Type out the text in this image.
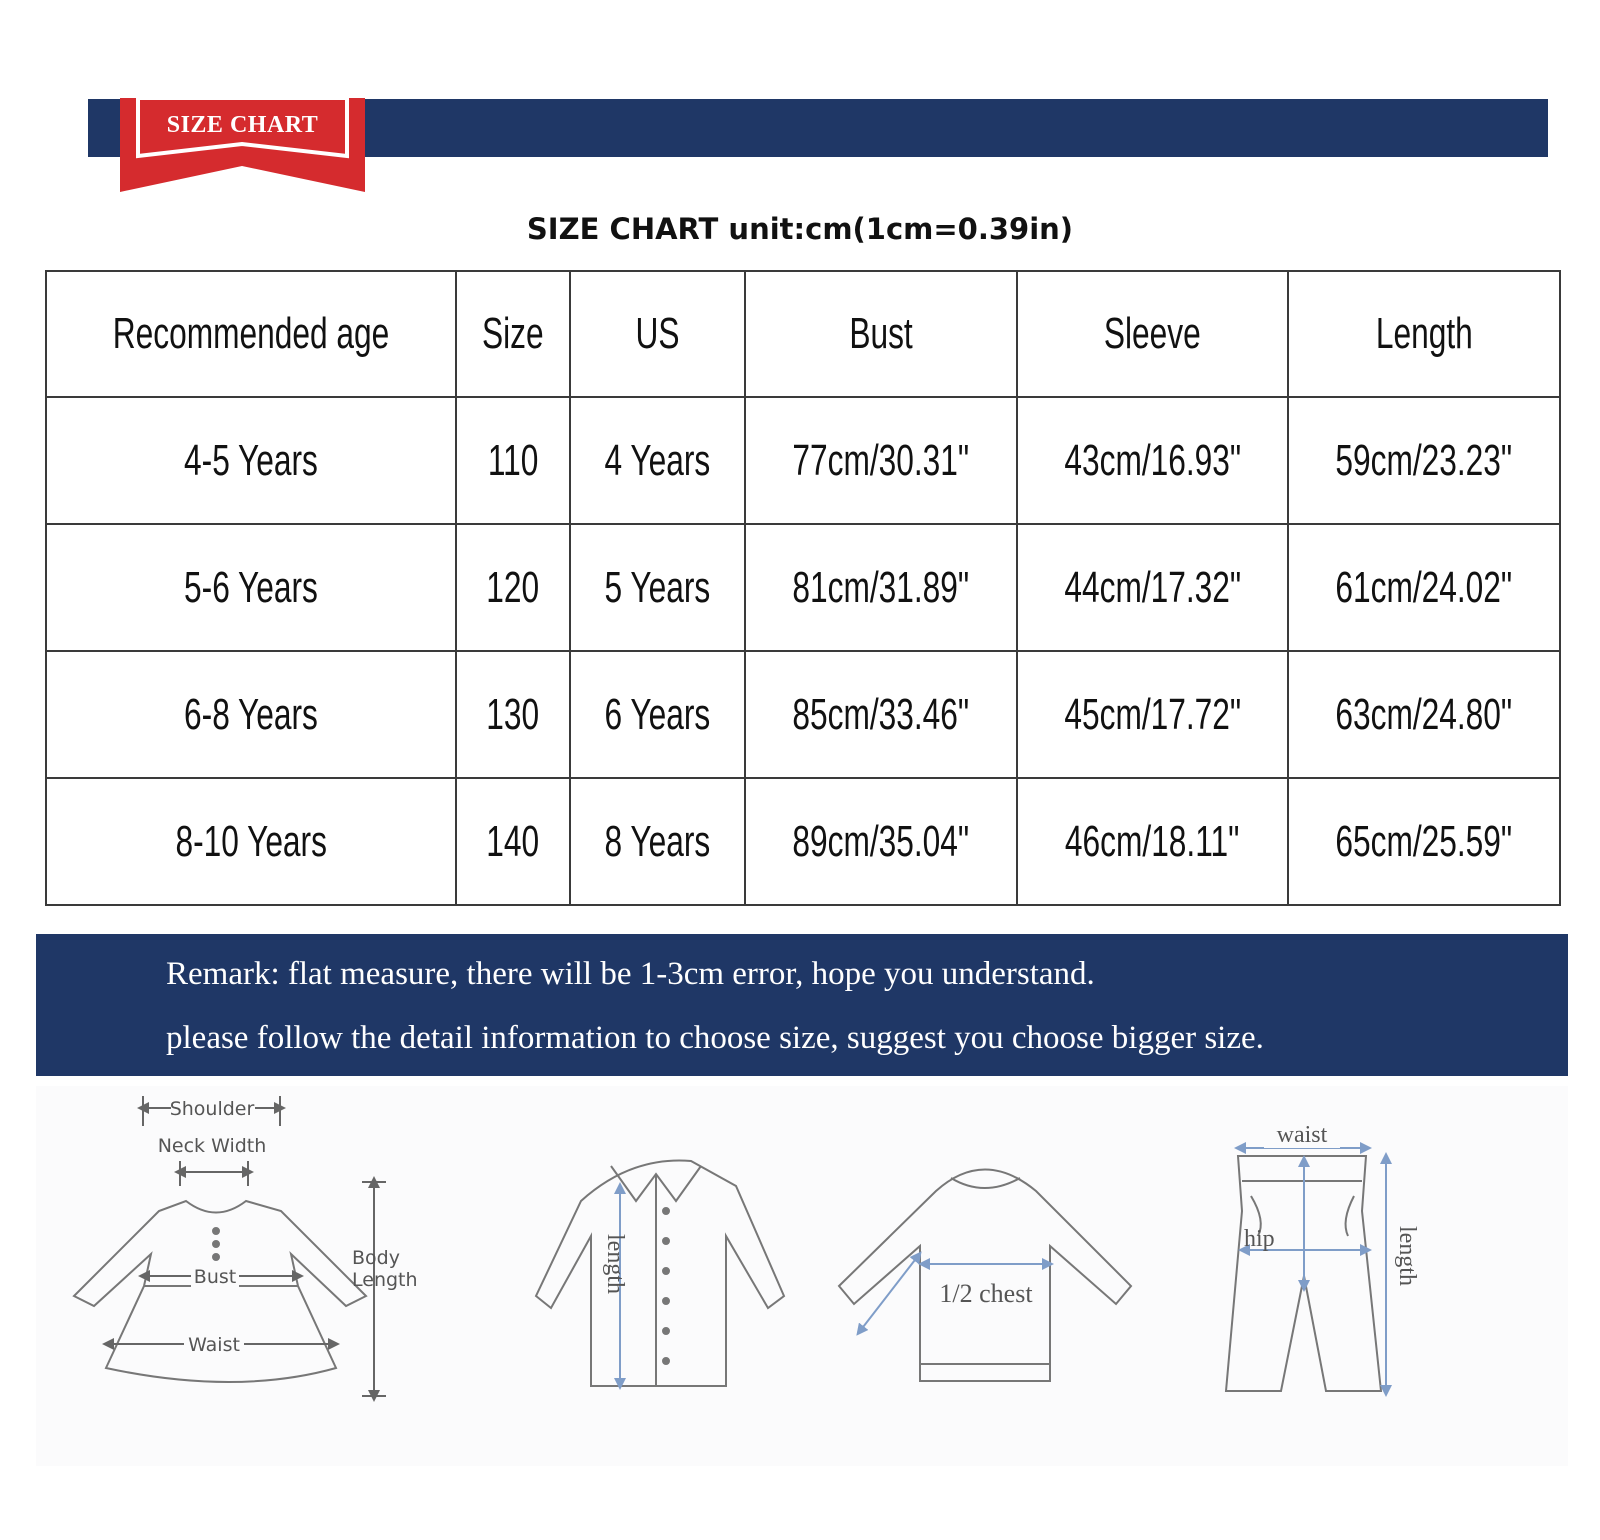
SIZE CHART
SIZE CHART unit:cm(1cm=0.39in)
Recommended age	Size	US	Bust	Sleeve	Length
4-5 Years	110	4 Years	77cm/30.31"	43cm/16.93"	59cm/23.23"
5-6 Years	120	5 Years	81cm/31.89"	44cm/17.32"	61cm/24.02"
6-8 Years	130	6 Years	85cm/33.46"	45cm/17.72"	63cm/24.80"
8-10 Years	140	8 Years	89cm/35.04"	46cm/18.11"	65cm/25.59"

Remark: flat measure, there will be 1-3cm error, hope you understand.

please follow the detail information to choose size, suggest you choose bigger size.

Shoulder
Neck Width
Bust
Waist
Body
Length	length	1/2 chest
waist
hip	length
